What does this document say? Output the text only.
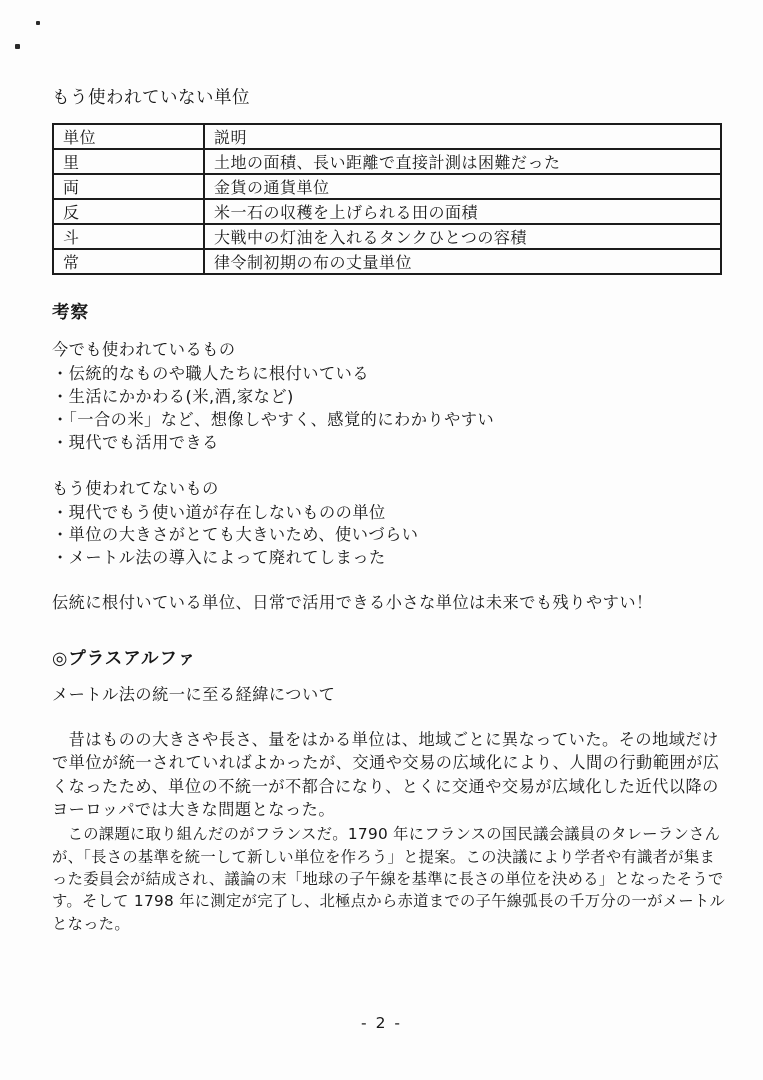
もう使われていない単位
単位	説明
里	土地の面積、長い距離で直接計測は困難だった
両	金貨の通貨単位
反	米一石の収穫を上げられる田の面積
斗	大戦中の灯油を入れるタンクひとつの容積
常	律令制初期の布の丈量単位
考察
今でも使われているもの
・伝統的なものや職人たちに根付いている
・生活にかかわる(米,酒,家など)
・「一合の米」など、想像しやすく、感覚的にわかりやすい
・現代でも活用できる
もう使われてないもの
・現代でもう使い道が存在しないものの単位
・単位の大きさがとても大きいため、使いづらい
・メートル法の導入によって廃れてしまった
伝統に根付いている単位、日常で活用できる小さな単位は未来でも残りやすい！
◎プラスアルファ
メートル法の統一に至る経緯について
　昔はものの大きさや長さ、量をはかる単位は、地域ごとに異なっていた。その地域だけ
で単位が統一されていればよかったが、交通や交易の広域化により、人間の行動範囲が広
くなったため、単位の不統一が不都合になり、とくに交通や交易が広域化した近代以降の
ヨーロッパでは大きな問題となった。
　この課題に取り組んだのがフランスだ。1790 年にフランスの国民議会議員のタレーランさん
が、「長さの基準を統一して新しい単位を作ろう」と提案。この決議により学者や有識者が集ま
った委員会が結成され、議論の末「地球の子午線を基準に長さの単位を決める」となったそうで
す。そして 1798 年に測定が完了し、北極点から赤道までの子午線弧長の千万分の一がメートル
となった。
- 2 -
